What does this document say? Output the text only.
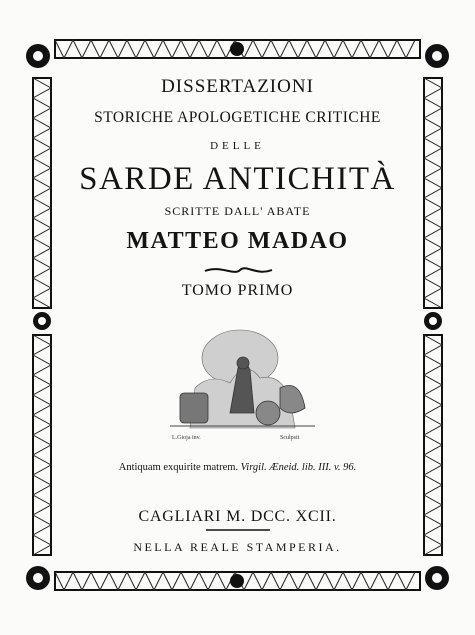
DISSERTAZIONI
STORICHE APOLOGETICHE CRITICHE
DELLE
SARDE ANTICHITÀ
SCRITTE DALL' ABATE
MATTEO MADAO
TOMO PRIMO
L.Gioja inv.	Sculpsit
Antiquam exquirite matrem. Virgil. Æneid. lib. III. v. 96.
CAGLIARI M. DCC. XCII.
NELLA REALE STAMPERIA.
